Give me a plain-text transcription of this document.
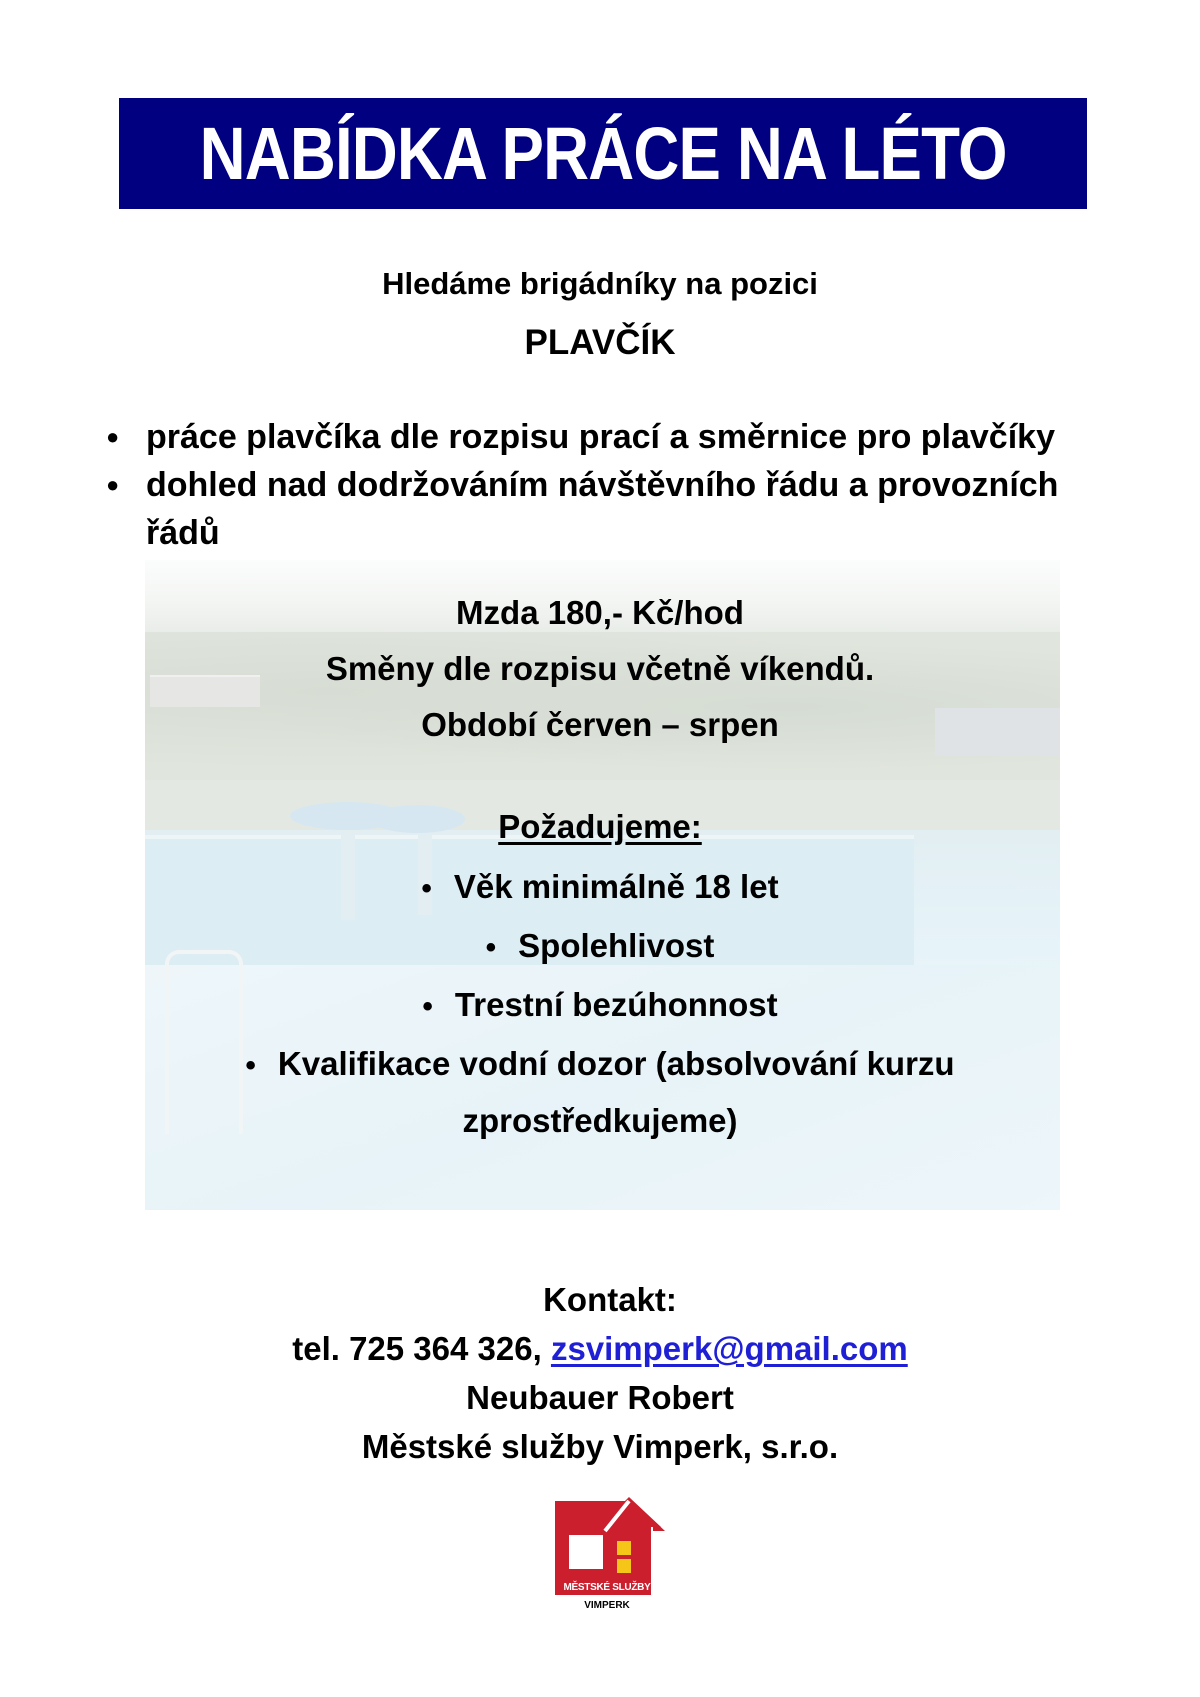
NABÍDKA PRÁCE NA LÉTO
Hledáme brigádníky na pozici
PLAVČÍK
● práce plavčíka dle rozpisu prací a směrnice pro plavčíky
● dohled nad dodržováním návštěvního řádu a provozních řádů
Mzda 180,- Kč/hod
Směny dle rozpisu včetně víkendů.
Období červen – srpen
Požadujeme:
• Věk minimálně 18 let
• Spolehlivost
• Trestní bezúhonnost
• Kvalifikace vodní dozor (absolvování kurzu
zprostředkujeme)
Kontakt:
tel. 725 364 326, zsvimperk@gmail.com
Neubauer Robert
Městské služby Vimperk, s.r.o.
MĚSTSKÉ SLUŽBY
VIMPERK
